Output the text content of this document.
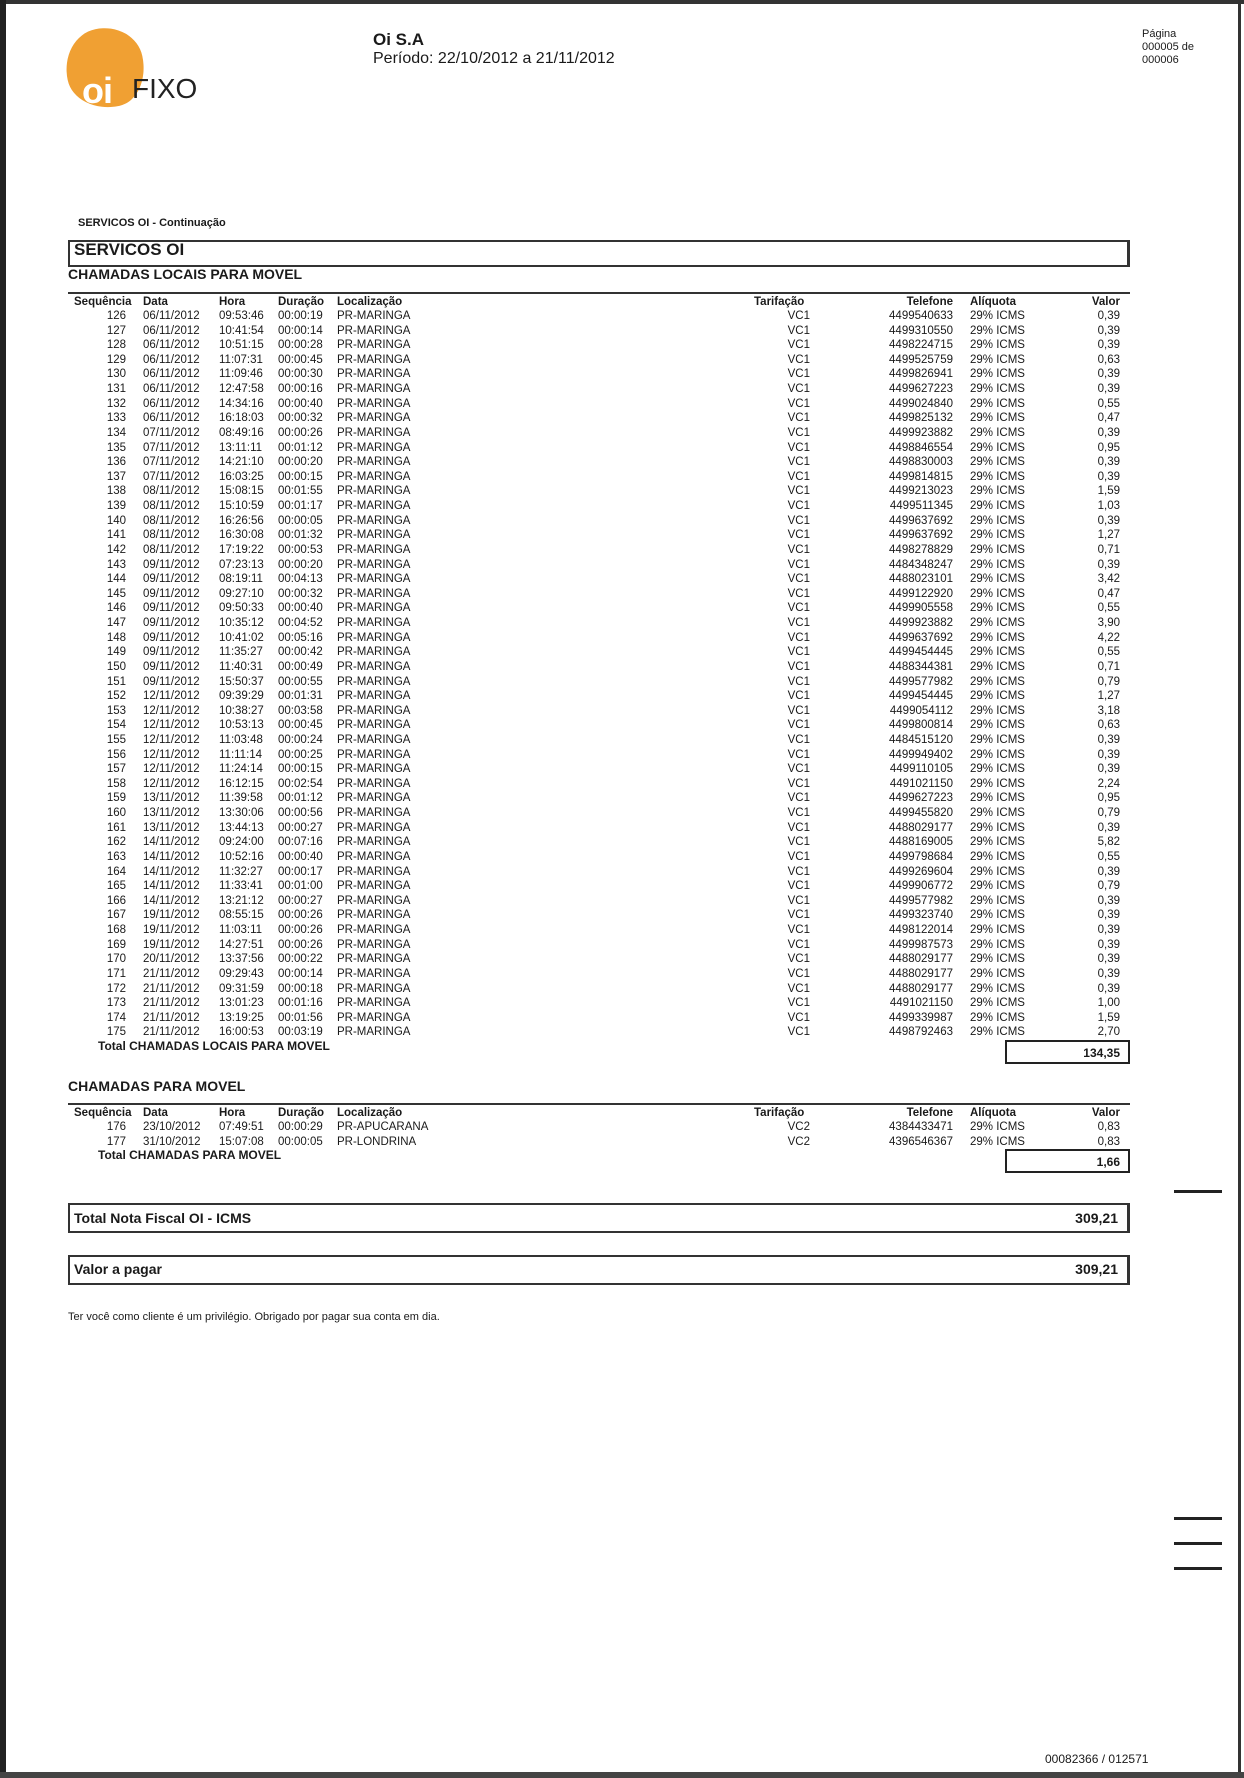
oi FIXO
Oi S.A
Período: 22/10/2012 a 21/11/2012
Página
000005 de
000006
SERVICOS OI - Continuação
SERVICOS OI
CHAMADAS LOCAIS PARA MOVEL
Sequência Data	Hora	Duração Localização	Tarifação	Telefone Alíquota	Valor
126 06/11/2012 09:53:46 00:00:19 PR-MARINGA	VC1	4499540633 29% ICMS	0,39
127 06/11/2012 10:41:54 00:00:14 PR-MARINGA	VC1	4499310550 29% ICMS	0,39
128 06/11/2012 10:51:15 00:00:28 PR-MARINGA	VC1	4498224715 29% ICMS	0,39
129 06/11/2012 11:07:31 00:00:45 PR-MARINGA	VC1	4499525759 29% ICMS	0,63
130 06/11/2012 11:09:46 00:00:30 PR-MARINGA	VC1	4499826941 29% ICMS	0,39
131 06/11/2012 12:47:58 00:00:16 PR-MARINGA	VC1	4499627223 29% ICMS	0,39
132 06/11/2012 14:34:16 00:00:40 PR-MARINGA	VC1	4499024840 29% ICMS	0,55
133 06/11/2012 16:18:03 00:00:32 PR-MARINGA	VC1	4499825132 29% ICMS	0,47
134 07/11/2012 08:49:16 00:00:26 PR-MARINGA	VC1	4499923882 29% ICMS	0,39
135 07/11/2012 13:11:11 00:01:12 PR-MARINGA	VC1	4498846554 29% ICMS	0,95
136 07/11/2012 14:21:10 00:00:20 PR-MARINGA	VC1	4498830003 29% ICMS	0,39
137 07/11/2012 16:03:25 00:00:15 PR-MARINGA	VC1	4499814815 29% ICMS	0,39
138 08/11/2012 15:08:15 00:01:55 PR-MARINGA	VC1	4499213023 29% ICMS	1,59
139 08/11/2012 15:10:59 00:01:17 PR-MARINGA	VC1	4499511345 29% ICMS	1,03
140 08/11/2012 16:26:56 00:00:05 PR-MARINGA	VC1	4499637692 29% ICMS	0,39
141 08/11/2012 16:30:08 00:01:32 PR-MARINGA	VC1	4499637692 29% ICMS	1,27
142 08/11/2012 17:19:22 00:00:53 PR-MARINGA	VC1	4498278829 29% ICMS	0,71
143 09/11/2012 07:23:13 00:00:20 PR-MARINGA	VC1	4484348247 29% ICMS	0,39
144 09/11/2012 08:19:11 00:04:13 PR-MARINGA	VC1	4488023101 29% ICMS	3,42
145 09/11/2012 09:27:10 00:00:32 PR-MARINGA	VC1	4499122920 29% ICMS	0,47
146 09/11/2012 09:50:33 00:00:40 PR-MARINGA	VC1	4499905558 29% ICMS	0,55
147 09/11/2012 10:35:12 00:04:52 PR-MARINGA	VC1	4499923882 29% ICMS	3,90
148 09/11/2012 10:41:02 00:05:16 PR-MARINGA	VC1	4499637692 29% ICMS	4,22
149 09/11/2012 11:35:27 00:00:42 PR-MARINGA	VC1	4499454445 29% ICMS	0,55
150 09/11/2012 11:40:31 00:00:49 PR-MARINGA	VC1	4488344381 29% ICMS	0,71
151 09/11/2012 15:50:37 00:00:55 PR-MARINGA	VC1	4499577982 29% ICMS	0,79
152 12/11/2012 09:39:29 00:01:31 PR-MARINGA	VC1	4499454445 29% ICMS	1,27
153 12/11/2012 10:38:27 00:03:58 PR-MARINGA	VC1	4499054112 29% ICMS	3,18
154 12/11/2012 10:53:13 00:00:45 PR-MARINGA	VC1	4499800814 29% ICMS	0,63
155 12/11/2012 11:03:48 00:00:24 PR-MARINGA	VC1	4484515120 29% ICMS	0,39
156 12/11/2012 11:11:14 00:00:25 PR-MARINGA	VC1	4499949402 29% ICMS	0,39
157 12/11/2012 11:24:14 00:00:15 PR-MARINGA	VC1	4499110105 29% ICMS	0,39
158 12/11/2012 16:12:15 00:02:54 PR-MARINGA	VC1	4491021150 29% ICMS	2,24
159 13/11/2012 11:39:58 00:01:12 PR-MARINGA	VC1	4499627223 29% ICMS	0,95
160 13/11/2012 13:30:06 00:00:56 PR-MARINGA	VC1	4499455820 29% ICMS	0,79
161 13/11/2012 13:44:13 00:00:27 PR-MARINGA	VC1	4488029177 29% ICMS	0,39
162 14/11/2012 09:24:00 00:07:16 PR-MARINGA	VC1	4488169005 29% ICMS	5,82
163 14/11/2012 10:52:16 00:00:40 PR-MARINGA	VC1	4499798684 29% ICMS	0,55
164 14/11/2012 11:32:27 00:00:17 PR-MARINGA	VC1	4499269604 29% ICMS	0,39
165 14/11/2012 11:33:41 00:01:00 PR-MARINGA	VC1	4499906772 29% ICMS	0,79
166 14/11/2012 13:21:12 00:00:27 PR-MARINGA	VC1	4499577982 29% ICMS	0,39
167 19/11/2012 08:55:15 00:00:26 PR-MARINGA	VC1	4499323740 29% ICMS	0,39
168 19/11/2012 11:03:11 00:00:26 PR-MARINGA	VC1	4498122014 29% ICMS	0,39
169 19/11/2012 14:27:51 00:00:26 PR-MARINGA	VC1	4499987573 29% ICMS	0,39
170 20/11/2012 13:37:56 00:00:22 PR-MARINGA	VC1	4488029177 29% ICMS	0,39
171 21/11/2012 09:29:43 00:00:14 PR-MARINGA	VC1	4488029177 29% ICMS	0,39
172 21/11/2012 09:31:59 00:00:18 PR-MARINGA	VC1	4488029177 29% ICMS	0,39
173 21/11/2012 13:01:23 00:01:16 PR-MARINGA	VC1	4491021150 29% ICMS	1,00
174 21/11/2012 13:19:25 00:01:56 PR-MARINGA	VC1	4499339987 29% ICMS	1,59
175 21/11/2012 16:00:53 00:03:19 PR-MARINGA	VC1	4498792463 29% ICMS	2,70
Total CHAMADAS LOCAIS PARA MOVEL	134,35
CHAMADAS PARA MOVEL
Sequência Data	Hora	Duração Localização	Tarifação	Telefone Alíquota	Valor
176 23/10/2012 07:49:51 00:00:29 PR-APUCARANA	VC2	4384433471 29% ICMS	0,83
177 31/10/2012 15:07:08 00:00:05 PR-LONDRINA	VC2	4396546367 29% ICMS	0,83
Total CHAMADAS PARA MOVEL	1,66
Total Nota Fiscal OI - ICMS	309,21
Valor a pagar	309,21
Ter você como cliente é um privilégio. Obrigado por pagar sua conta em dia.
00082366 / 012571
